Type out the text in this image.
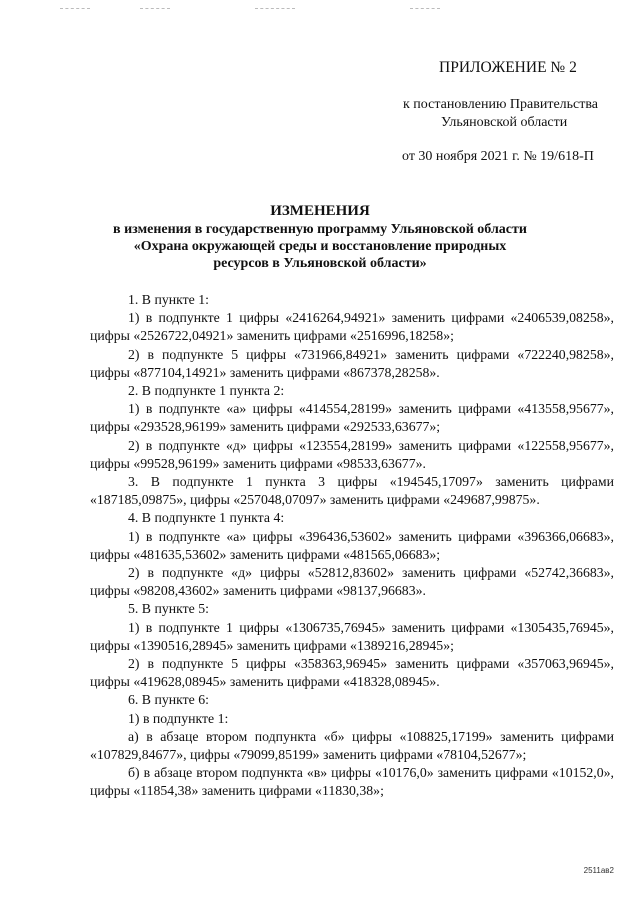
ПРИЛОЖЕНИЕ № 2
к постановлению Правительства
Ульяновской области
от 30 ноября 2021 г. № 19/618-П
ИЗМЕНЕНИЯ
в изменения в государственную программу Ульяновской области
«Охрана окружающей среды и восстановление природных
ресурсов в Ульяновской области»

1. В пункте 1:

1) в подпункте 1 цифры «2416264,94921» заменить цифрами «2406539,08258», цифры «2526722,04921» заменить цифрами «2516996,18258»;

2) в подпункте 5 цифры «731966,84921» заменить цифрами «722240,98258», цифры «877104,14921» заменить цифрами «867378,28258».

2. В подпункте 1 пункта 2:

1) в подпункте «а» цифры «414554,28199» заменить цифрами «413558,95677», цифры «293528,96199» заменить цифрами «292533,63677»;

2) в подпункте «д» цифры «123554,28199» заменить цифрами «122558,95677», цифры «99528,96199» заменить цифрами «98533,63677».

3. В подпункте 1 пункта 3 цифры «194545,17097» заменить цифрами «187185,09875», цифры «257048,07097» заменить цифрами «249687,99875».

4. В подпункте 1 пункта 4:

1) в подпункте «а» цифры «396436,53602» заменить цифрами «396366,06683», цифры «481635,53602» заменить цифрами «481565,06683»;

2) в подпункте «д» цифры «52812,83602» заменить цифрами «52742,36683», цифры «98208,43602» заменить цифрами «98137,96683».

5. В пункте 5:

1) в подпункте 1 цифры «1306735,76945» заменить цифрами «1305435,76945», цифры «1390516,28945» заменить цифрами «1389216,28945»;

2) в подпункте 5 цифры «358363,96945» заменить цифрами «357063,96945», цифры «419628,08945» заменить цифрами «418328,08945».

6. В пункте 6:

1) в подпункте 1:

а) в абзаце втором подпункта «б» цифры «108825,17199» заменить цифрами «107829,84677», цифры «79099,85199» заменить цифрами «78104,52677»;

б) в абзаце втором подпункта «в» цифры «10176,0» заменить цифрами «10152,0», цифры «11854,38» заменить цифрами «11830,38»;

2511ав2
